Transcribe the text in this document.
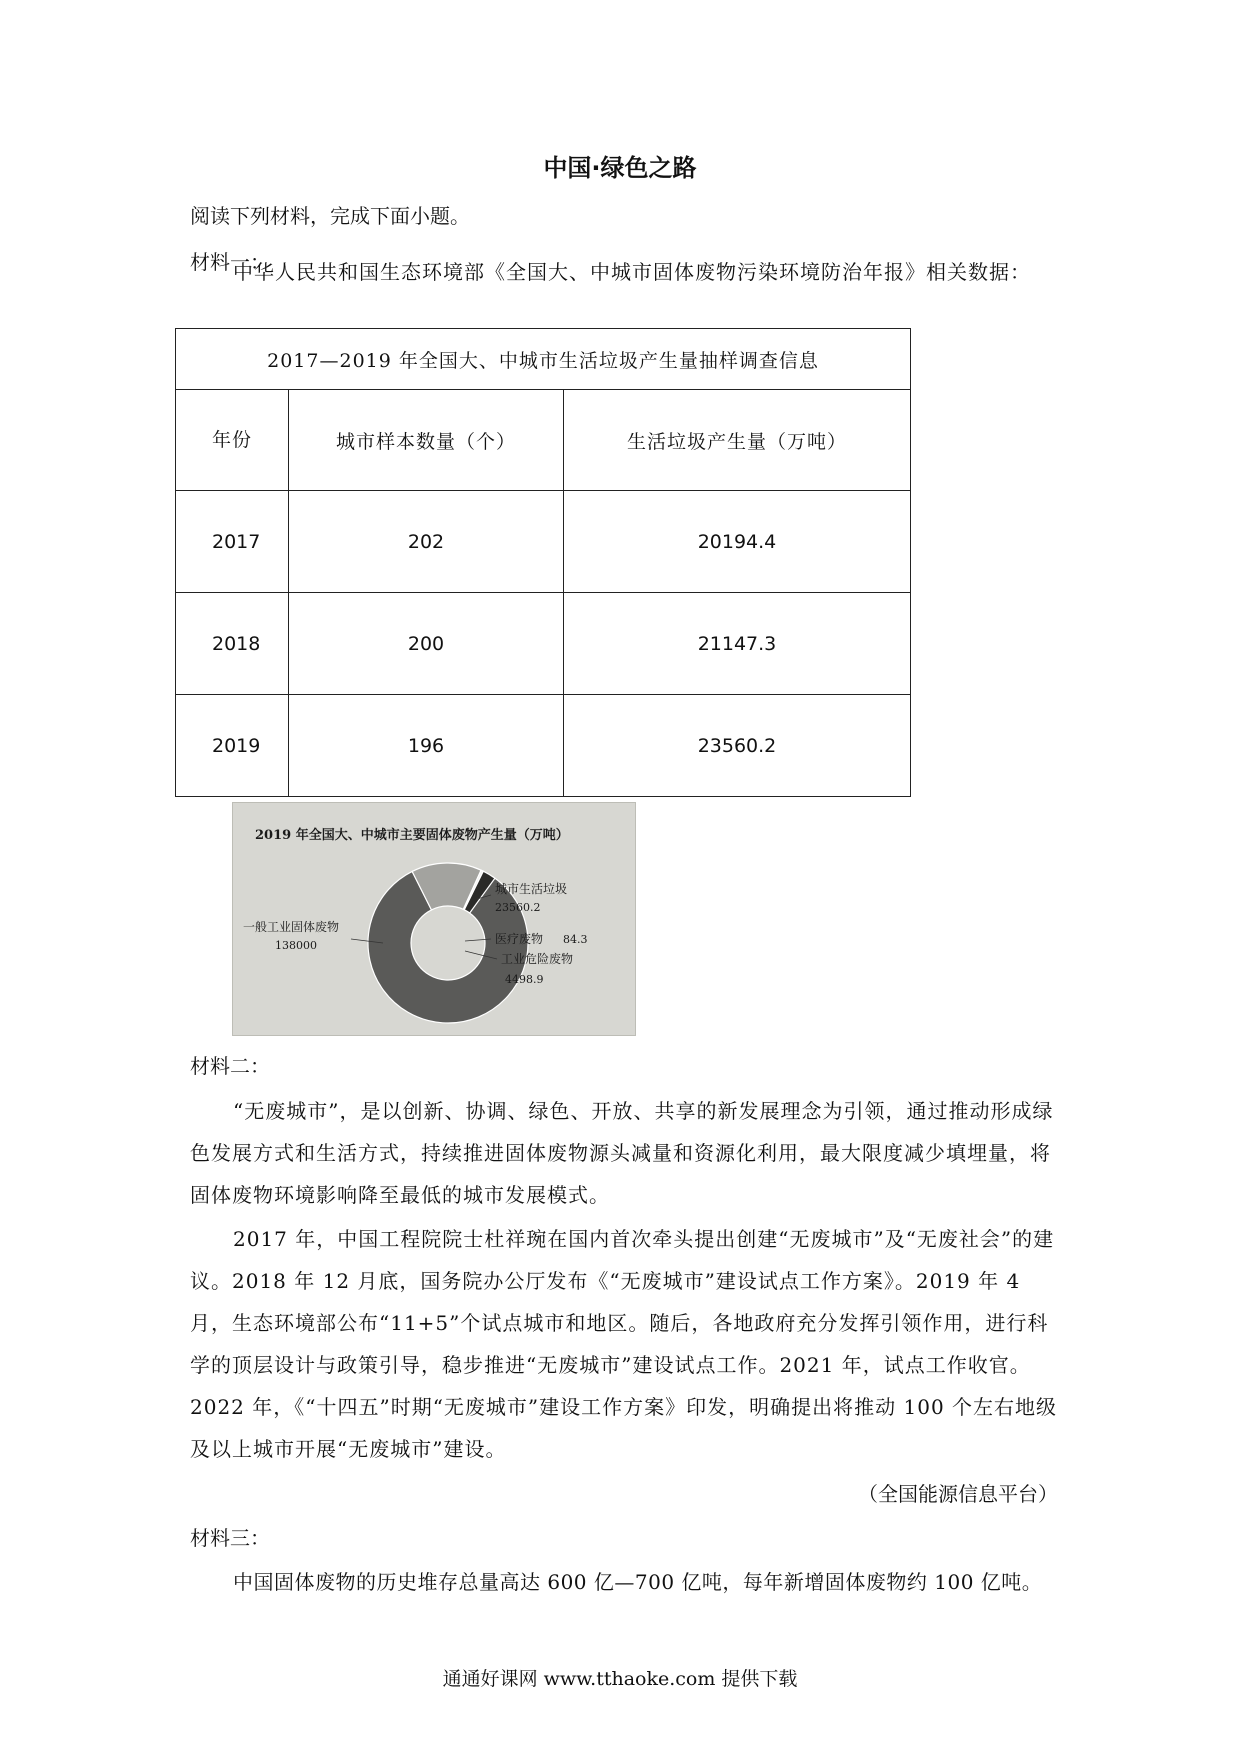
中国·绿色之路
阅读下列材料，完成下面小题。
材料一：
中华人民共和国生态环境部《全国大、中城市固体废物污染环境防治年报》相关数据：
2017—2019 年全国大、中城市生活垃圾产生量抽样调查信息		

年份	城市样本数量（个）	生活垃圾产生量（万吨）

2017	202	20194.4

2018	200	21147.3

2019	196	23560.2
2019 年全国大、中城市主要固体废物产生量（万吨）
一般工业固体废物
138000
城市生活垃圾
23560.2
医疗废物 84.3
工业危险废物
4498.9
材料二：
“无废城市”，是以创新、协调、绿色、开放、共享的新发展理念为引领，通过推动形成绿色发展方式和生活方式，持续推进固体废物源头减量和资源化利用，最大限度减少填埋量，将固体废物环境影响降至最低的城市发展模式。
2017 年，中国工程院院士杜祥琬在国内首次牵头提出创建“无废城市”及“无废社会”的建议。2018 年 12 月底，国务院办公厅发布《“无废城市”建设试点工作方案》。2019 年 4 月，生态环境部公布“11+5”个试点城市和地区。随后，各地政府充分发挥引领作用，进行科学的顶层设计与政策引导，稳步推进“无废城市”建设试点工作。2021 年，试点工作收官。2022 年，《“十四五”时期“无废城市”建设工作方案》印发，明确提出将推动 100 个左右地级及以上城市开展“无废城市”建设。
（全国能源信息平台）
材料三：
中国固体废物的历史堆存总量高达 600 亿—700 亿吨，每年新增固体废物约 100 亿吨。
通通好课网 www.tthaoke.com 提供下载
